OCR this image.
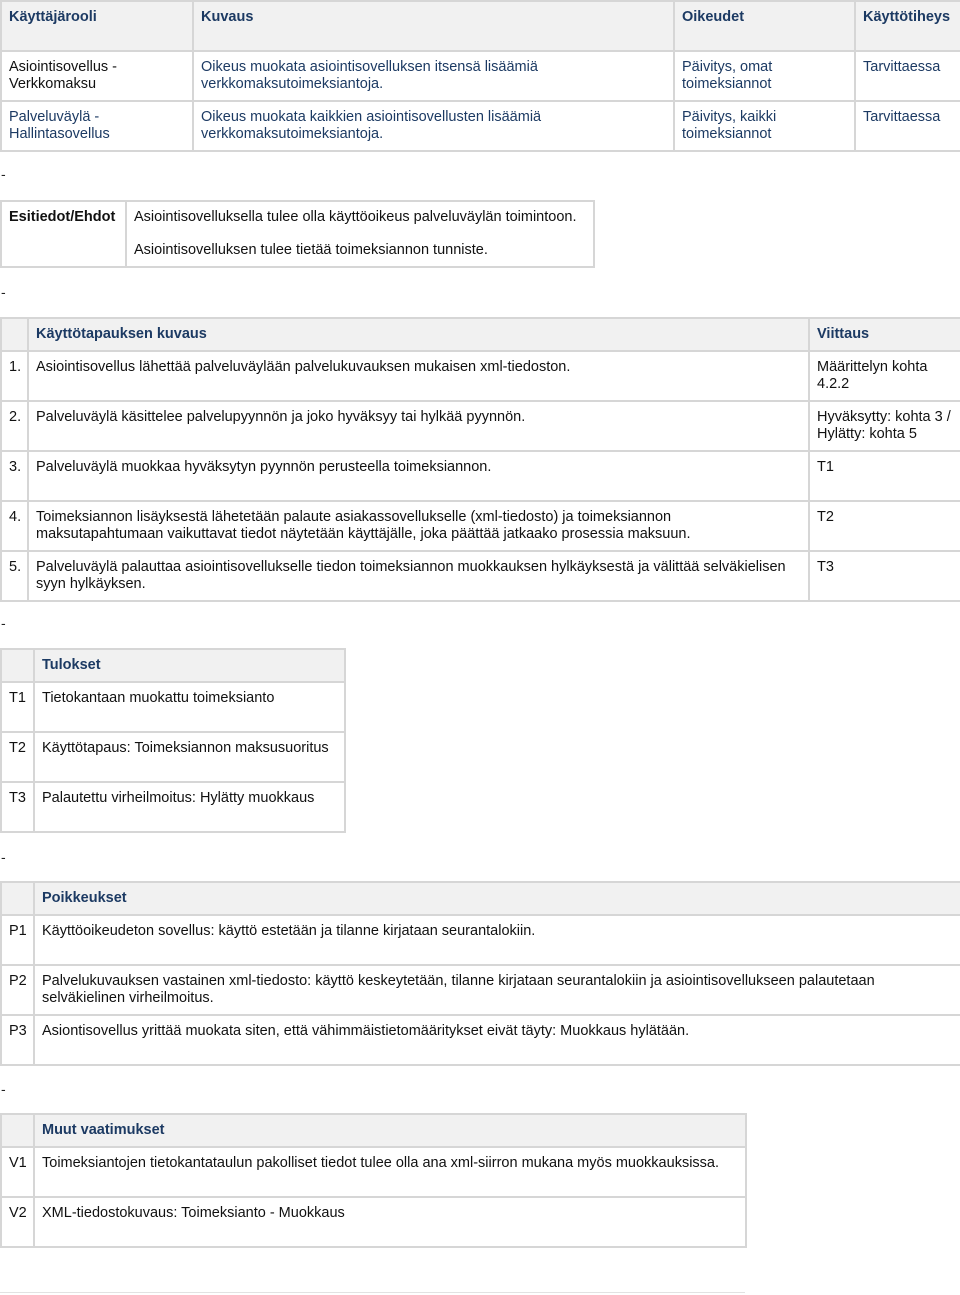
Käyttäjärooli	Kuvaus	Oikeudet	Käyttötiheys
Asiointisovellus - Verkkomaksu	Oikeus muokata asiointisovelluksen itsensä lisäämiä verkkomaksutoimeksiantoja.	Päivitys, omat toimeksiannot	Tarvittaessa
Palveluväylä - Hallintasovellus	Oikeus muokata kaikkien asiointisovellusten lisäämiä verkkomaksutoimeksiantoja.	Päivitys, kaikki toimeksiannot	Tarvittaessa
-
Esitiedot/Ehdot	Asiointisovelluksella tulee olla käyttöoikeus palveluväylän toimintoon.
Asiointisovelluksen tulee tietää toimeksiannon tunniste.
-
	Käyttötapauksen kuvaus	Viittaus
1.	Asiointisovellus lähettää palveluväylään palvelukuvauksen mukaisen xml-tiedoston.	Määrittelyn kohta 4.2.2
2.	Palveluväylä käsittelee palvelupyynnön ja joko hyväksyy tai hylkää pyynnön.	Hyväksytty: kohta 3 / Hylätty: kohta 5
3.	Palveluväylä muokkaa hyväksytyn pyynnön perusteella toimeksiannon.	T1
4.	Toimeksiannon lisäyksestä lähetetään palaute asiakassovellukselle (xml-tiedosto) ja toimeksiannon maksutapahtumaan vaikuttavat tiedot näytetään käyttäjälle, joka päättää jatkaako prosessia maksuun.	T2
5.	Palveluväylä palauttaa asiointisovellukselle tiedon toimeksiannon muokkauksen hylkäyksestä ja välittää selväkielisen syyn hylkäyksen.	T3
-
	Tulokset
T1	Tietokantaan muokattu toimeksianto
T2	Käyttötapaus: Toimeksiannon maksusuoritus
T3	Palautettu virheilmoitus: Hylätty muokkaus
-
	Poikkeukset
P1	Käyttöoikeudeton sovellus: käyttö estetään ja tilanne kirjataan seurantalokiin.
P2	Palvelukuvauksen vastainen xml-tiedosto: käyttö keskeytetään, tilanne kirjataan seurantalokiin ja asiointisovellukseen palautetaan selväkielinen virheilmoitus.
P3	Asiontisovellus yrittää muokata siten, että vähimmäistietomääritykset eivät täyty: Muokkaus hylätään.
-
	Muut vaatimukset
V1	Toimeksiantojen tietokantataulun pakolliset tiedot tulee olla ana xml-siirron mukana myös muokkauksissa.
V2	XML-tiedostokuvaus: Toimeksianto - Muokkaus
